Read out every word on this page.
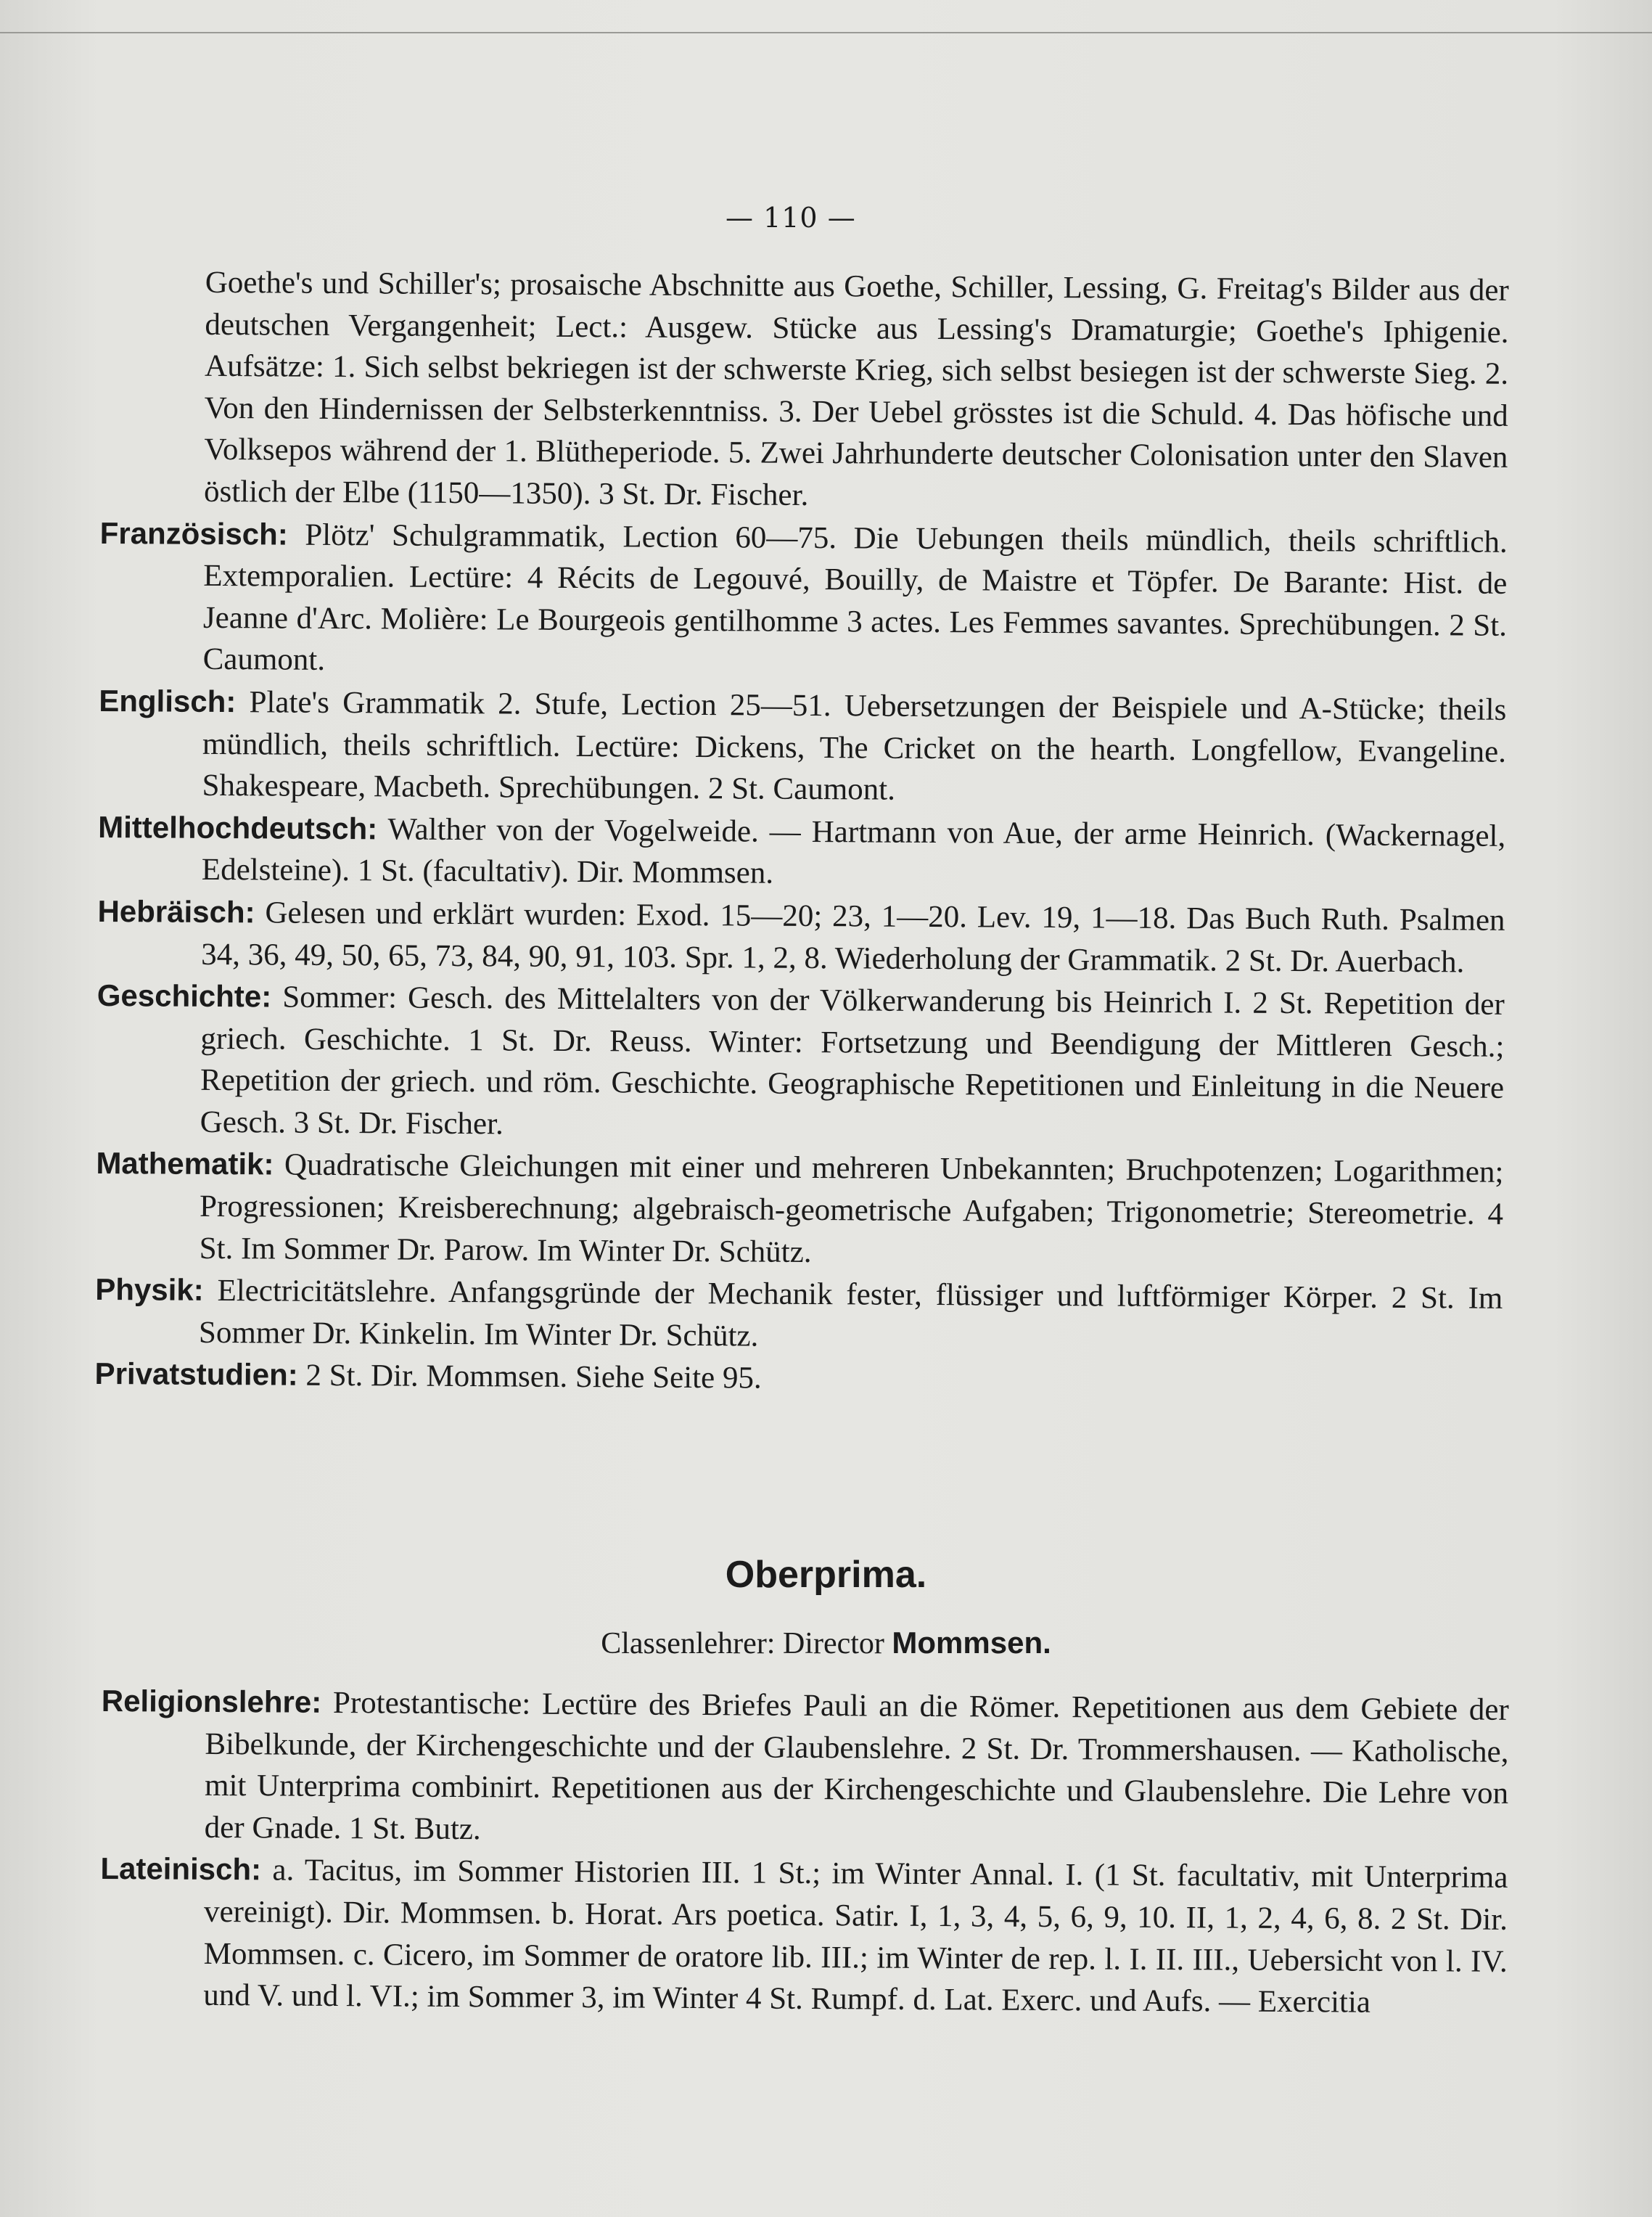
— 110 —

Goethe's und Schiller's; prosaische Abschnitte aus Goethe, Schiller, Lessing, G. Freitag's Bilder aus der deutschen Vergangenheit; Lect.: Ausgew. Stücke aus Lessing's Dramaturgie; Goethe's Iphigenie. Aufsätze: 1. Sich selbst bekriegen ist der schwerste Krieg, sich selbst besiegen ist der schwerste Sieg. 2. Von den Hindernissen der Selbsterkenntniss. 3. Der Uebel grösstes ist die Schuld. 4. Das höfische und Volksepos während der 1. Blütheperiode. 5. Zwei Jahrhunderte deutscher Colonisation unter den Slaven östlich der Elbe (1150—1350). 3 St. Dr. Fischer.

Französisch: Plötz' Schulgrammatik, Lection 60—75. Die Uebungen theils mündlich, theils schriftlich. Extemporalien. Lectüre: 4 Récits de Legouvé, Bouilly, de Maistre et Töpfer. De Barante: Hist. de Jeanne d'Arc. Molière: Le Bourgeois gentilhomme 3 actes. Les Femmes savantes. Sprechübungen. 2 St. Caumont.

Englisch: Plate's Grammatik 2. Stufe, Lection 25—51. Uebersetzungen der Beispiele und A-Stücke; theils mündlich, theils schriftlich. Lectüre: Dickens, The Cricket on the hearth. Longfellow, Evangeline. Shakespeare, Macbeth. Sprechübungen. 2 St. Caumont.

Mittelhochdeutsch: Walther von der Vogelweide. — Hartmann von Aue, der arme Heinrich. (Wackernagel, Edelsteine). 1 St. (facultativ). Dir. Mommsen.

Hebräisch: Gelesen und erklärt wurden: Exod. 15—20; 23, 1—20. Lev. 19, 1—18. Das Buch Ruth. Psalmen 34, 36, 49, 50, 65, 73, 84, 90, 91, 103. Spr. 1, 2, 8. Wiederholung der Grammatik. 2 St. Dr. Auerbach.

Geschichte: Sommer: Gesch. des Mittelalters von der Völkerwanderung bis Heinrich I. 2 St. Repetition der griech. Geschichte. 1 St. Dr. Reuss. Winter: Fortsetzung und Beendigung der Mittleren Gesch.; Repetition der griech. und röm. Geschichte. Geographische Repetitionen und Einleitung in die Neuere Gesch. 3 St. Dr. Fischer.

Mathematik: Quadratische Gleichungen mit einer und mehreren Unbekannten; Bruchpotenzen; Logarithmen; Progressionen; Kreisberechnung; algebraisch-geometrische Aufgaben; Trigonometrie; Stereometrie. 4 St. Im Sommer Dr. Parow. Im Winter Dr. Schütz.

Physik: Electricitätslehre. Anfangsgründe der Mechanik fester, flüssiger und luftförmiger Körper. 2 St. Im Sommer Dr. Kinkelin. Im Winter Dr. Schütz.

Privatstudien: 2 St. Dir. Mommsen. Siehe Seite 95.

Oberprima.
Classenlehrer: Director Mommsen.

Religionslehre: Protestantische: Lectüre des Briefes Pauli an die Römer. Repetitionen aus dem Gebiete der Bibelkunde, der Kirchengeschichte und der Glaubenslehre. 2 St. Dr. Trommershausen. — Katholische, mit Unterprima combinirt. Repetitionen aus der Kirchengeschichte und Glaubenslehre. Die Lehre von der Gnade. 1 St. Butz.

Lateinisch: a. Tacitus, im Sommer Historien III. 1 St.; im Winter Annal. I. (1 St. facultativ, mit Unterprima vereinigt). Dir. Mommsen. b. Horat. Ars poetica. Satir. I, 1, 3, 4, 5, 6, 9, 10. II, 1, 2, 4, 6, 8. 2 St. Dir. Mommsen. c. Cicero, im Sommer de oratore lib. III.; im Winter de rep. l. I. II. III., Uebersicht von l. IV. und V. und l. VI.; im Sommer 3, im Winter 4 St. Rumpf. d. Lat. Exerc. und Aufs. — Exercitia
